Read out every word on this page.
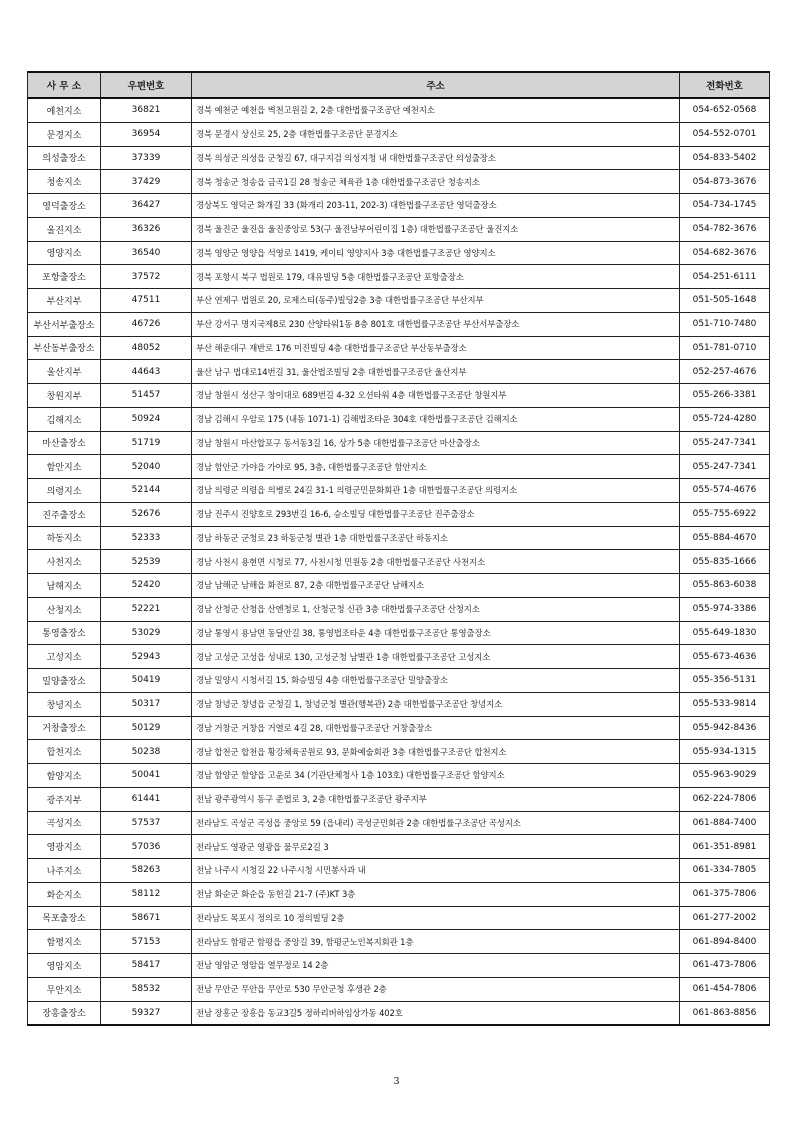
사 무 소	우편번호	주소	전화번호
예천지소	36821	경북 예천군 예천읍 벽천고원길 2, 2층 대한법률구조공단 예천지소	054-652-0568
문경지소	36954	경북 문경시 상신로 25, 2층 대한법률구조공단 문경지소	054-552-0701
의성출장소	37339	경북 의성군 의성읍 군청길 67, 대구지검 의성지청 내 대한법률구조공단 의성출장소	054-833-5402
청송지소	37429	경북 청송군 청송읍 금곡1길 28 청송군 체육관 1층 대한법률구조공단 청송지소	054-873-3676
영덕출장소	36427	경상북도 영덕군 화개길 33 (화개리 203-11, 202-3) 대한법률구조공단 영덕출장소	054-734-1745
울진지소	36326	경북 울진군 울진읍 울진중앙로 53(구 울진남부어린이집 1층) 대한법률구조공단 울진지소	054-782-3676
영양지소	36540	경북 영양군 영양읍 석영로 1419, 케이티 영양지사 3층 대한법률구조공단 영양지소	054-682-3676
포항출장소	37572	경북 포항시 북구 법원로 179, 대유빌딩 5층 대한법률구조공단 포항출장소	054-251-6111
부산지부	47511	부산 연제구 법원로 20, 로제스티(동주)빌딩2층 3층 대한법률구조공단 부산지부	051-505-1648
부산서부출장소	46726	부산 강서구 명지국제8로 230 산양타워1동 8층 801호 대한법률구조공단 부산서부출장소	051-710-7480
부산동부출장소	48052	부산 해운대구 재반로 176 미진빌딩 4층 대한법률구조공단 부산동부출장소	051-781-0710
울산지부	44643	울산 남구 법대로14번길 31, 울산법조빌딩 2층 대한법률구조공단 울산지부	052-257-4676
창원지부	51457	경남 창원시 성산구 창이대로 689번길 4-32 오션타워 4층 대한법률구조공단 창원지부	055-266-3381
김해지소	50924	경남 김해시 우암로 175 (내동 1071-1) 김해법조타운 304호 대한법률구조공단 김해지소	055-724-4280
마산출장소	51719	경남 창원시 마산합포구 동서동3길 16, 상가 5층 대한법률구조공단 마산출장소	055-247-7341
함안지소	52040	경남 함안군 가야읍 가야로 95, 3층, 대한법률구조공단 함안지소	055-247-7341
의령지소	52144	경남 의령군 의령읍 의병로 24길 31-1 의령군민문화회관 1층 대한법률구조공단 의령지소	055-574-4676
진주출장소	52676	경남 진주시 진양호로 293번길 16-6, 승소빌딩 대한법률구조공단 진주출장소	055-755-6922
하동지소	52333	경남 하동군 군청로 23 하동군청 별관 1층 대한법률구조공단 하동지소	055-884-4670
사천지소	52539	경남 사천시 용현면 시청로 77, 사천시청 민원동 2층 대한법률구조공단 사천지소	055-835-1666
남해지소	52420	경남 남해군 남해읍 화전로 87, 2층 대한법률구조공단 남해지소	055-863-6038
산청지소	52221	경남 산청군 산청읍 산엔청로 1, 산청군청 신관 3층 대한법률구조공단 산청지소	055-974-3386
통영출장소	53029	경남 통영시 용남면 동달안길 38, 통영법조타운 4층 대한법률구조공단 통영출장소	055-649-1830
고성지소	52943	경남 고성군 고성읍 성내로 130, 고성군청 남별관 1층 대한법률구조공단 고성지소	055-673-4636
밀양출장소	50419	경남 밀양시 시청서길 15, 화승빌딩 4층 대한법률구조공단 밀양출장소	055-356-5131
창녕지소	50317	경남 창녕군 창녕읍 군청길 1, 창녕군청 별관(행복관) 2층 대한법률구조공단 창녕지소	055-533-9814
거창출장소	50129	경남 거창군 거창읍 거열로 4길 28, 대한법률구조공단 거창출장소	055-942-8436
합천지소	50238	경남 합천군 합천읍 황강체육공원로 93, 문화예술회관 3층 대한법률구조공단 합천지소	055-934-1315
함양지소	50041	경남 함양군 함양읍 고운로 34 (기관단체청사 1층 103호) 대한법률구조공단 함양지소	055-963-9029
광주지부	61441	전남 광주광역시 동구 준법로 3, 2층 대한법률구조공단 광주지부	062-224-7806
곡성지소	57537	전라남도 곡성군 곡성읍 중앙로 59 (읍내리) 곡성군민회관 2층 대한법률구조공단 곡성지소	061-884-7400
영광지소	57036	전라남도 영광군 영광읍 물무로2길 3	061-351-8981
나주지소	58263	전남 나주시 시청길 22 나주시청 시민봉사과 내	061-334-7805
화순지소	58112	전남 화순군 화순읍 동헌길 21-7 (주)KT 3층	061-375-7806
목포출장소	58671	전라남도 목포시 정의로 10 정의빌딩 2층	061-277-2002
함평지소	57153	전라남도 함평군 함평읍 중앙길 39, 함평군노인복지회관 1층	061-894-8400
영암지소	58417	전남 영암군 영암읍 열무정로 14 2층	061-473-7806
무안지소	58532	전남 무안군 무안읍 무안로 530 무안군청 후생관 2층	061-454-7806
장흥출장소	59327	전남 장흥군 장흥읍 동교3길5 정하리버하임상가동 402호	061-863-8856
3
